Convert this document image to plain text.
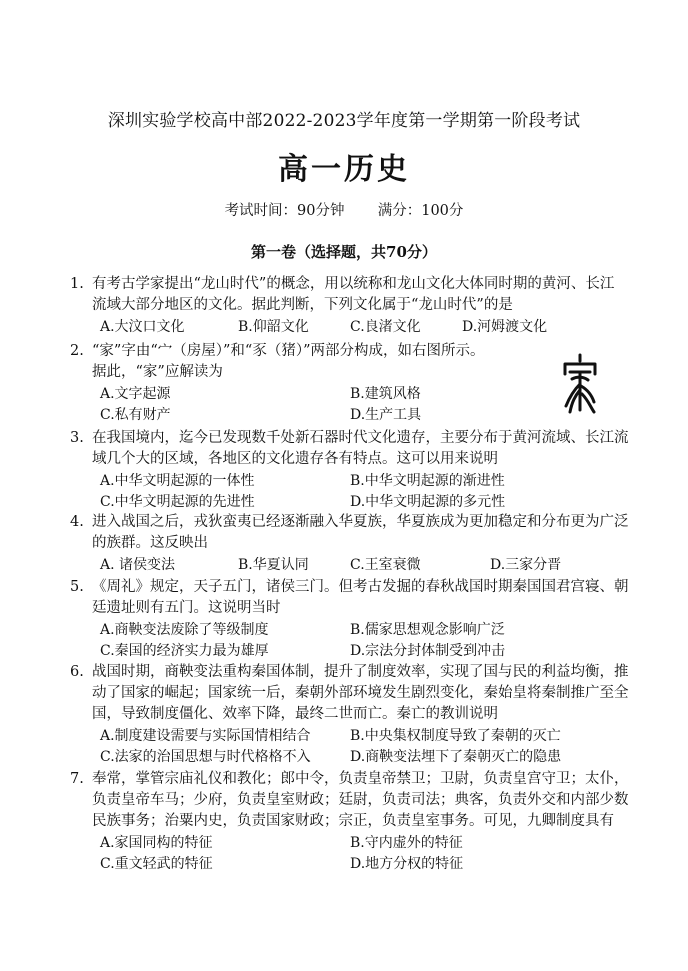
深圳实验学校高中部2022-2023学年度第一学期第一阶段考试
高一历史
考试时间：90分钟 满分：100分
第一卷（选择题，共70分）
1. 有考古学家提出“龙山时代”的概念，用以统称和龙山文化大体同时期的黄河、长江
流域大部分地区的文化。据此判断，下列文化属于“龙山时代”的是
A.大汶口文化	B.仰韶文化	C.良渚文化	D.河姆渡文化
2. “家”字由“宀（房屋）”和“豕（猪）”两部分构成，如右图所示。
据此，“家”应解读为
A.文字起源	B.建筑风格
C.私有财产	D.生产工具
3. 在我国境内，迄今已发现数千处新石器时代文化遗存，主要分布于黄河流域、长江流
域几个大的区域，各地区的文化遗存各有特点。这可以用来说明
A.中华文明起源的一体性	B.中华文明起源的渐进性
C.中华文明起源的先进性	D.中华文明起源的多元性
4. 进入战国之后，戎狄蛮夷已经逐渐融入华夏族，华夏族成为更加稳定和分布更为广泛
的族群。这反映出
A. 诸侯变法	B.华夏认同	C.王室衰微	D.三家分晋
5. 《周礼》规定，天子五门，诸侯三门。但考古发掘的春秋战国时期秦国国君宫寝、朝
廷遗址则有五门。这说明当时
A.商鞅变法废除了等级制度	B.儒家思想观念影响广泛
C.秦国的经济实力最为雄厚	D.宗法分封体制受到冲击
6. 战国时期，商鞅变法重构秦国体制，提升了制度效率，实现了国与民的利益均衡，推
动了国家的崛起；国家统一后，秦朝外部环境发生剧烈变化，秦始皇将秦制推广至全
国，导致制度僵化、效率下降，最终二世而亡。秦亡的教训说明
A.制度建设需要与实际国情相结合	B.中央集权制度导致了秦朝的灭亡
C.法家的治国思想与时代格格不入	D.商鞅变法埋下了秦朝灭亡的隐患
7. 奉常，掌管宗庙礼仪和教化；郎中令，负责皇帝禁卫；卫尉，负责皇宫守卫；太仆，
负责皇帝车马；少府，负责皇室财政；廷尉，负责司法；典客，负责外交和内部少数
民族事务；治粟内史，负责国家财政；宗正，负责皇室事务。可见，九卿制度具有
A.家国同构的特征	B.守内虚外的特征
C.重文轻武的特征	D.地方分权的特征
